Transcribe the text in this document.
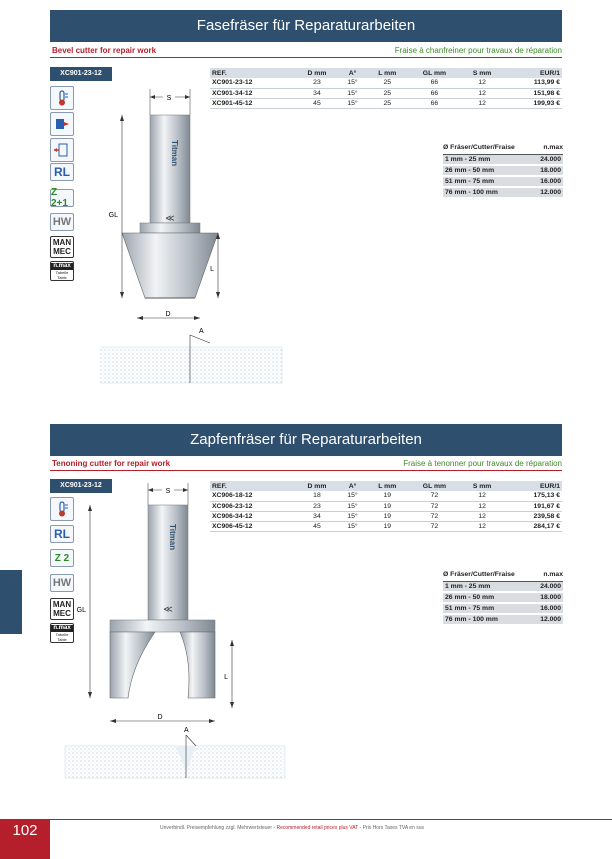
Fasefräser für Reparaturarbeiten
Bevel cutter for repair work	Fraise à chanfreiner pour travaux de réparation
XC901-23-12
RL
Z 2+1
HW
MAN
MEC
n.max
Tabelle
Table
S
Titman
≪
GL
L
D
A
REF.	D mm	A°	L mm	GL mm	S mm	EUR/1
XC901-23-12	23	15°	25	66	12	113,99 €
XC901-34-12	34	15°	25	66	12	151,98 €
XC901-45-12	45	15°	25	66	12	199,93 €
Ø Fräser/Cutter/Fraise	n.max
1 mm - 25 mm	24.000
26 mm - 50 mm	18.000
51 mm - 75 mm	16.000
76 mm - 100 mm	12.000
Zapfenfräser für Reparaturarbeiten
Tenoning cutter for repair work	Fraise à tenonner pour travaux de réparation
XC901-23-12
RL
Z 2
HW
MAN
MEC
n.max
Tabelle
Table
S
Titman
≪
GL
L
D
A
REF.	D mm	A°	L mm	GL mm	S mm	EUR/1
XC906-18-12	18	15°	19	72	12	175,13 €
XC906-23-12	23	15°	19	72	12	191,67 €
XC906-34-12	34	15°	19	72	12	239,58 €
XC906-45-12	45	15°	19	72	12	284,17 €
Ø Fräser/Cutter/Fraise	n.max
1 mm - 25 mm	24.000
26 mm - 50 mm	18.000
51 mm - 75 mm	16.000
76 mm - 100 mm	12.000
102	Unverbindl. Preisempfehlung zzgl. Mehrwertsteuer - Recommended retail prices plus VAT - Prix Hors Taxes TVA en sus
